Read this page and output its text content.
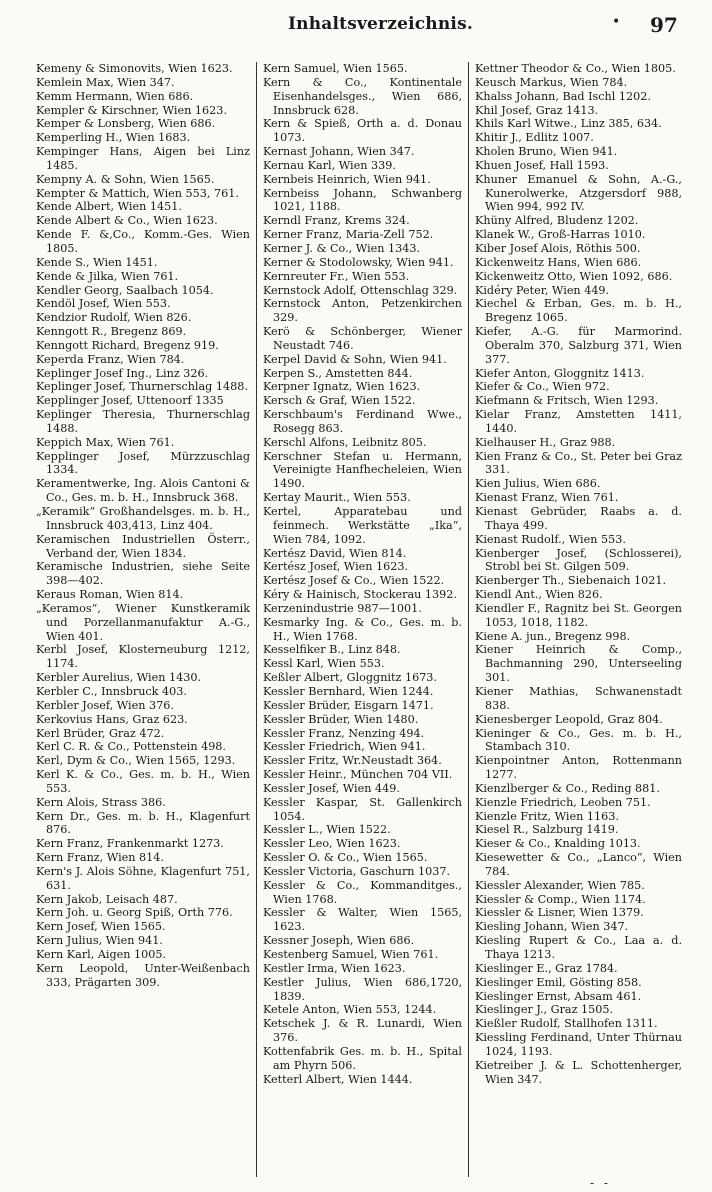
Inhaltsverzeichnis.	• 97
Kemeny & Simonovits, Wien 1623.
Kemlein Max, Wien 347.
Kemm Hermann, Wien 686.
Kempler & Kirschner, Wien 1623.
Kemper & Lonsberg, Wien 686.
Kemperling H., Wien 1683.
Kempinger Hans, Aigen bei Linz 1485.
Kempny A. & Sohn, Wien 1565.
Kempter & Mattich, Wien 553, 761.
Kende Albert, Wien 1451.
Kende Albert & Co., Wien 1623.
Kende F. &,Co., Komm.-Ges. Wien 1805.
Kende S., Wien 1451.
Kende & Jilka, Wien 761.
Kendler Georg, Saalbach 1054.
Kendöl Josef, Wien 553.
Kendzior Rudolf, Wien 826.
Kenngott R., Bregenz 869.
Kenngott Richard, Bregenz 919.
Keperda Franz, Wien 784.
Keplinger Josef Ing., Linz 326.
Keplinger Josef, Thurnerschlag 1488.
Kepplinger Josef, Uttenoorf 1335
Keplinger Theresia, Thurnerschlag 1488.
Keppich Max, Wien 761.
Kepplinger Josef, Mürzzuschlag 1334.
Keramentwerke, Ing. Alois Cantoni & Co., Ges. m. b. H., Innsbruck 368.
„Keramik“ Großhandelsges. m. b. H., Innsbruck 403,413, Linz 404.
Keramischen Industriellen Österr., Verband der, Wien 1834.
Keramische Industrien, siehe Seite 398—402.
Keraus Roman, Wien 814.
„Keramos“, Wiener Kunstkeramik und Porzellanmanufaktur A.-G., Wien 401.
Kerbl Josef, Klosterneuburg 1212, 1174.
Kerbler Aurelius, Wien 1430.
Kerbler C., Innsbruck 403.
Kerbler Josef, Wien 376.
Kerkovius Hans, Graz 623.
Kerl Brüder, Graz 472.
Kerl C. R. & Co., Pottenstein 498.
Kerl, Dym & Co., Wien 1565, 1293.
Kerl K. & Co., Ges. m. b. H., Wien 553.
Kern Alois, Strass 386.
Kern Dr., Ges. m. b. H., Klagenfurt 876.
Kern Franz, Frankenmarkt 1273.
Kern Franz, Wien 814.
Kern's J. Alois Söhne, Klagenfurt 751, 631.
Kern Jakob, Leisach 487.
Kern Joh. u. Georg Spiß, Orth 776.
Kern Josef, Wien 1565.
Kern Julius, Wien 941.
Kern Karl, Aigen 1005.
Kern Leopold, Unter-Weißenbach 333, Prägarten 309.
Kern Samuel, Wien 1565.
Kern & Co., Kontinentale Eisenhandelsges., Wien 686, Innsbruck 628.
Kern & Spieß, Orth a. d. Donau 1073.
Kernast Johann, Wien 347.
Kernau Karl, Wien 339.
Kernbeis Heinrich, Wien 941.
Kernbeiss Johann, Schwanberg 1021, 1188.
Kerndl Franz, Krems 324.
Kerner Franz, Maria-Zell 752.
Kerner J. & Co., Wien 1343.
Kerner & Stodolowsky, Wien 941.
Kernreuter Fr., Wien 553.
Kernstock Adolf, Ottenschlag 329.
Kernstock Anton, Petzenkirchen 329.
Kerö & Schönberger, Wiener Neustadt 746.
Kerpel David & Sohn, Wien 941.
Kerpen S., Amstetten 844.
Kerpner Ignatz, Wien 1623.
Kersch & Graf, Wien 1522.
Kerschbaum's Ferdinand Wwe., Rosegg 863.
Kerschl Alfons, Leibnitz 805.
Kerschner Stefan u. Hermann, Vereinigte Hanfhecheleien, Wien 1490.
Kertay Maurit., Wien 553.
Kertel, Apparatebau und feinmech. Werkstätte „Ika“, Wien 784, 1092.
Kertész David, Wien 814.
Kertész Josef, Wien 1623.
Kertész Josef & Co., Wien 1522.
Kéry & Hainisch, Stockerau 1392.
Kerzenindustrie 987—1001.
Kesmarky Ing. & Co., Ges. m. b. H., Wien 1768.
Kesselfiker B., Linz 848.
Kessl Karl, Wien 553.
Keßler Albert, Gloggnitz 1673.
Kessler Bernhard, Wien 1244.
Kessler Brüder, Eisgarn 1471.
Kessler Brüder, Wien 1480.
Kessler Franz, Nenzing 494.
Kessler Friedrich, Wien 941.
Kessler Fritz, Wr.Neustadt 364.
Kessler Heinr., München 704 VII.
Kessler Josef, Wien 449.
Kessler Kaspar, St. Gallenkirch 1054.
Kessler L., Wien 1522.
Kessler Leo, Wien 1623.
Kessler O. & Co., Wien 1565.
Kessler Victoria, Gaschurn 1037.
Kessler & Co., Kommanditges., Wien 1768.
Kessler & Walter, Wien 1565, 1623.
Kessner Joseph, Wien 686.
Kestenberg Samuel, Wien 761.
Kestler Irma, Wien 1623.
Kestler Julius, Wien 686,1720, 1839.
Ketele Anton, Wien 553, 1244.
Ketschek J. & R. Lunardi, Wien 376.
Kottenfabrik Ges. m. b. H., Spital am Phyrn 506.
Ketterl Albert, Wien 1444.
Kettner Theodor & Co., Wien 1805.
Keusch Markus, Wien 784.
Khalss Johann, Bad Ischl 1202.
Khil Josef, Graz 1413.
Khils Karl Witwe., Linz 385, 634.
Khitir J., Edlitz 1007.
Kholen Bruno, Wien 941.
Khuen Josef, Hall 1593.
Khuner Emanuel & Sohn, A.-G., Kunerolwerke, Atzgersdorf 988, Wien 994, 992 IV.
Khüny Alfred, Bludenz 1202.
Klanek W., Groß-Harras 1010.
Kiber Josef Alois, Röthis 500.
Kickenweitz Hans, Wien 686.
Kickenweitz Otto, Wien 1092, 686.
Kidéry Peter, Wien 449.
Kiechel & Erban, Ges. m. b. H., Bregenz 1065.
Kiefer, A.-G. für Marmorind. Oberalm 370, Salzburg 371, Wien 377.
Kiefer Anton, Gloggnitz 1413.
Kiefer & Co., Wien 972.
Kiefmann & Fritsch, Wien 1293.
Kielar Franz, Amstetten 1411, 1440.
Kielhauser H., Graz 988.
Kien Franz & Co., St. Peter bei Graz 331.
Kien Julius, Wien 686.
Kienast Franz, Wien 761.
Kienast Gebrüder, Raabs a. d. Thaya 499.
Kienast Rudolf., Wien 553.
Kienberger Josef, (Schlosserei), Strobl bei St. Gilgen 509.
Kienberger Th., Siebenaich 1021.
Kiendl Ant., Wien 826.
Kiendler F., Ragnitz bei St. Georgen 1053, 1018, 1182.
Kiene A. jun., Bregenz 998.
Kiener Heinrich & Comp., Bachmanning 290, Unterseeling 301.
Kiener Mathias, Schwanenstadt 838.
Kienesberger Leopold, Graz 804.
Kieninger & Co., Ges. m. b. H., Stambach 310.
Kienpointner Anton, Rottenmann 1277.
Kienzlberger & Co., Reding 881.
Kienzle Friedrich, Leoben 751.
Kienzle Fritz, Wien 1163.
Kiesel R., Salzburg 1419.
Kieser & Co., Knalding 1013.
Kiesewetter & Co., „Lanco“, Wien 784.
Kiessler Alexander, Wien 785.
Kiessler & Comp., Wien 1174.
Kiessler & Lisner, Wien 1379.
Kiesling Johann, Wien 347.
Kiesling Rupert & Co., Laa a. d. Thaya 1213.
Kieslinger E., Graz 1784.
Kieslinger Emil, Gösting 858.
Kieslinger Ernst, Absam 461.
Kieslinger J., Graz 1505.
Kießler Rudolf, Stallhofen 1311.
Kiessling Ferdinand, Unter Thürnau 1024, 1193.
Kietreiber J. & L. Schottenherger, Wien 347.
- -
